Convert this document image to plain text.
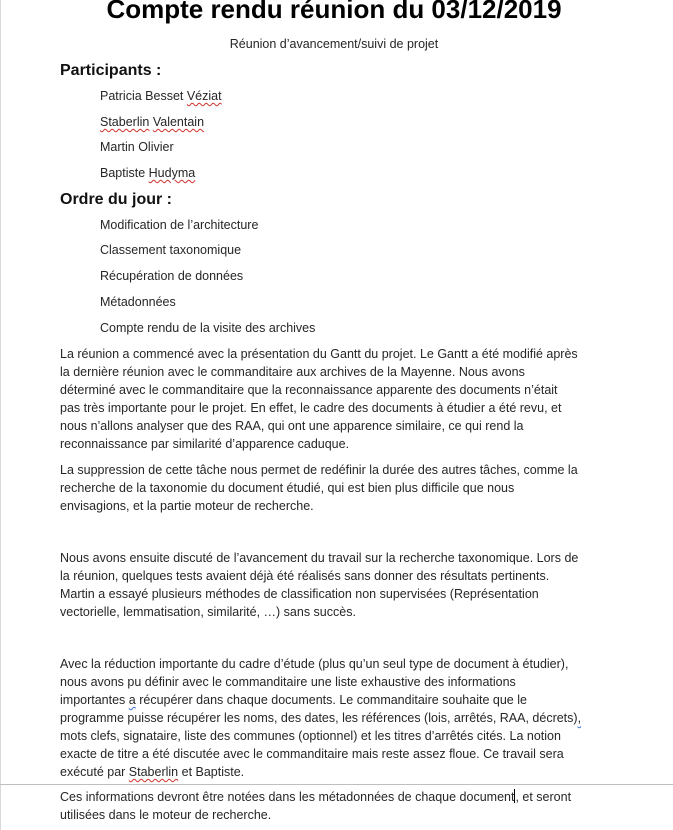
Compte rendu réunion du 03/12/2019
Réunion d’avancement/suivi de projet
Participants :
Patricia Besset Véziat
Staberlin Valentain
Martin Olivier
Baptiste Hudyma
Ordre du jour :
Modification de l’architecture
Classement taxonomique
Récupération de données
Métadonnées
Compte rendu de la visite des archives
La réunion a commencé avec la présentation du Gantt du projet. Le Gantt a été modifié après
la dernière réunion avec le commanditaire aux archives de la Mayenne. Nous avons
déterminé avec le commanditaire que la reconnaissance apparente des documents n’était
pas très importante pour le projet. En effet, le cadre des documents à étudier a été revu, et
nous n’allons analyser que des RAA, qui ont une apparence similaire, ce qui rend la
reconnaissance par similarité d’apparence caduque.
La suppression de cette tâche nous permet de redéfinir la durée des autres tâches, comme la
recherche de la taxonomie du document étudié, qui est bien plus difficile que nous
envisagions, et la partie moteur de recherche.
Nous avons ensuite discuté de l’avancement du travail sur la recherche taxonomique. Lors de
la réunion, quelques tests avaient déjà été réalisés sans donner des résultats pertinents.
Martin a essayé plusieurs méthodes de classification non supervisées (Représentation
vectorielle, lemmatisation, similarité, …) sans succès.
Avec la réduction importante du cadre d’étude (plus qu’un seul type de document à étudier),
nous avons pu définir avec le commanditaire une liste exhaustive des informations
importantes a récupérer dans chaque documents. Le commanditaire souhaite que le
programme puisse récupérer les noms, des dates, les références (lois, arrêtés, RAA, décrets),
mots clefs, signataire, liste des communes (optionnel) et les titres d’arrêtés cités. La notion
exacte de titre a été discutée avec le commanditaire mais reste assez floue. Ce travail sera
exécuté par Staberlin et Baptiste.
Ces informations devront être notées dans les métadonnées de chaque document, et seront
utilisées dans le moteur de recherche.
